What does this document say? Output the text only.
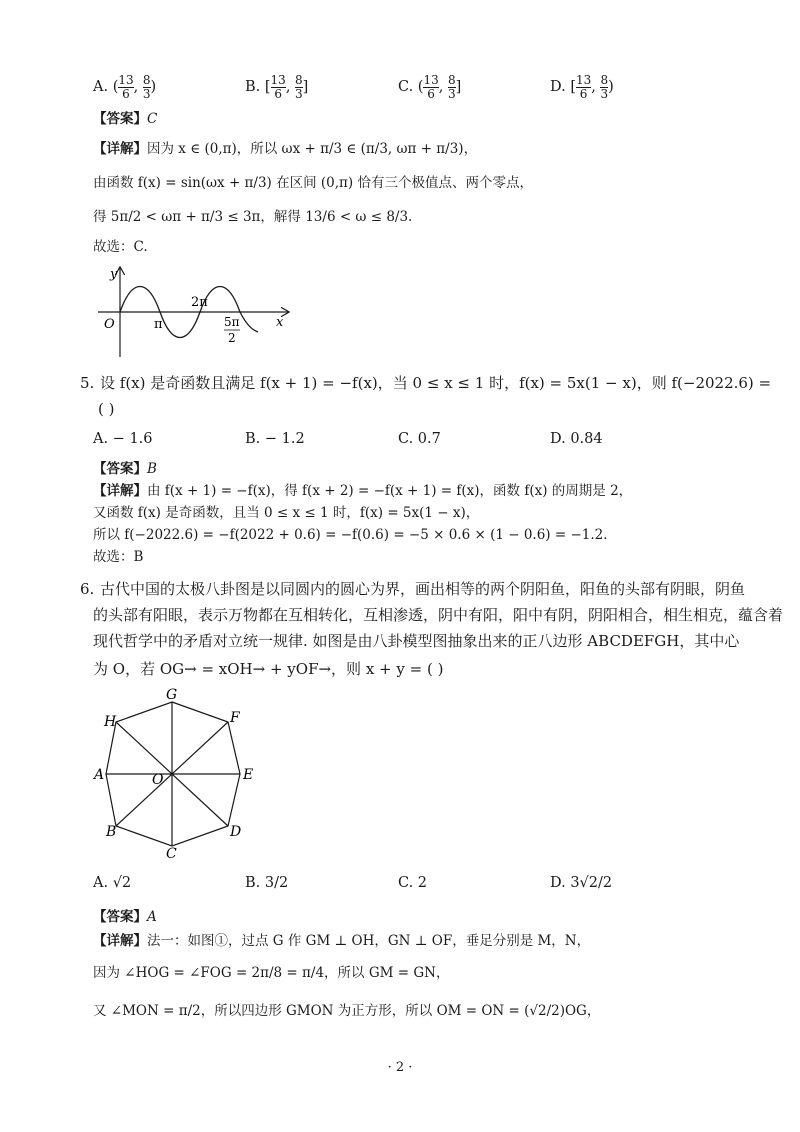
A. ( $\frac{13}{6}$ , $\frac{8}{3}$ )	B. [ $\frac{13}{6}$ , $\frac{8}{3}$ ]	C. ( $\frac{13}{6}$ , $\frac{8}{3}$ ]	D. [ $\frac{13}{6}$ , $\frac{8}{3}$ )
【答案】C
【详解】因为 x ∈ (0,π)，所以 ωx + π/3 ∈ (π/3, ωπ + π/3)，
由函数 f(x) = sin(ωx + π/3) 在区间 (0,π) 恰有三个极值点、两个零点，
得 5π/2 < ωπ + π/3 ≤ 3π，解得 13/6 < ω ≤ 8/3.
故选：C.
y
x
O	π
2π
5π
2
5. 设 f(x) 是奇函数且满足 f(x + 1) = −f(x)，当 0 ≤ x ≤ 1 时，f(x) = 5x(1 − x)，则 f(−2022.6) =
( )
A. − 1.6	B. − 1.2	C. 0.7	D. 0.84
【答案】B
【详解】由 f(x + 1) = −f(x)，得 f(x + 2) = −f(x + 1) = f(x)，函数 f(x) 的周期是 2，
又函数 f(x) 是奇函数，且当 0 ≤ x ≤ 1 时，f(x) = 5x(1 − x)，
所以 f(−2022.6) = −f(2022 + 0.6) = −f(0.6) = −5 × 0.6 × (1 − 0.6) = −1.2.
故选：B
6. 古代中国的太极八卦图是以同圆内的圆心为界，画出相等的两个阴阳鱼，阳鱼的头部有阴眼，阴鱼
的头部有阳眼，表示万物都在互相转化，互相渗透，阴中有阳，阳中有阴，阴阳相合，相生相克，蕴含着
现代哲学中的矛盾对立统一规律. 如图是由八卦模型图抽象出来的正八边形 ABCDEFGH，其中心
为 O，若 OG→ = xOH→ + yOF→，则 x + y = ( )
G
F
E
D
C
B
A
H
O
A. √2	B. 3/2	C. 2	D. 3√2/2
【答案】A
【详解】法一：如图①，过点 G 作 GM ⊥ OH，GN ⊥ OF，垂足分别是 M，N，
因为 ∠HOG = ∠FOG = 2π/8 = π/4，所以 GM = GN，
又 ∠MON = π/2，所以四边形 GMON 为正方形，所以 OM = ON = (√2/2)OG，
· 2 ·
